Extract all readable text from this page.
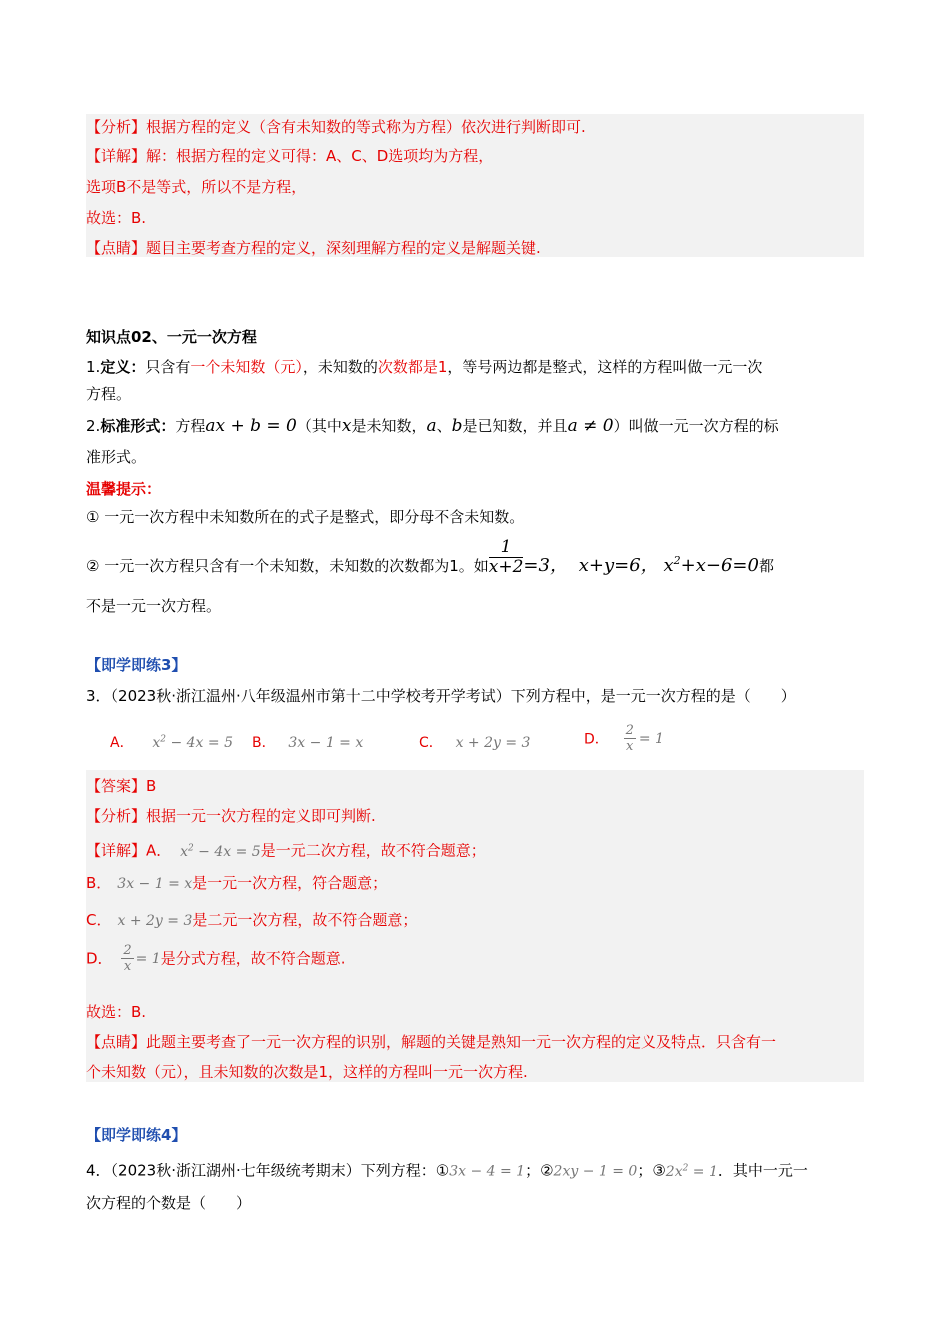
【分析】根据方程的定义（含有未知数的等式称为方程）依次进行判断即可.
【详解】解：根据方程的定义可得：A、C、D选项均为方程，
选项B不是等式，所以不是方程，
故选：B.
【点睛】题目主要考查方程的定义，深刻理解方程的定义是解题关键.
知识点02、一元一次方程
1.定义：只含有一个未知数（元），未知数的次数都是1，等号两边都是整式，这样的方程叫做一元一次
方程。
2.标准形式：方程ax + b = 0（其中x是未知数，a、b是已知数，并且a ≠ 0）叫做一元一次方程的标
准形式。
温馨提示：
① 一元一次方程中未知数所在的式子是整式，即分母不含未知数。
② 一元一次方程只含有一个未知数，未知数的次数都为1。如 $\frac{1}{x+2} =3$， x+y=6， $x^2+x-6=0$都
不是一元一次方程。
【即学即练3】
3．（2023秋·浙江温州·八年级温州市第十二中学校考开学考试）下列方程中，是一元一次方程的是（　　）
A． $x^2 - 4x = 5$ B． 3x − 1 = x	C． x + 2y = 3	D． $\frac{2}{x} = 1$
【答案】B
【分析】根据一元一次方程的定义即可判断.
【详解】A． $x^2 - 4x = 5$是一元二次方程，故不符合题意；
B． 3x − 1 = x是一元一次方程，符合题意；
C． x + 2y = 3是二元一次方程，故不符合题意；
D． $\frac{2}{x} = 1$是分式方程，故不符合题意.
故选：B.
【点睛】此题主要考查了一元一次方程的识别，解题的关键是熟知一元一次方程的定义及特点．只含有一
个未知数（元），且未知数的次数是1，这样的方程叫一元一次方程.
【即学即练4】
4．（2023秋·浙江湖州·七年级统考期末）下列方程：①3x − 4 = 1；②2xy − 1 = 0；$③2x^2 = 1$．其中一元一
次方程的个数是（　　）
